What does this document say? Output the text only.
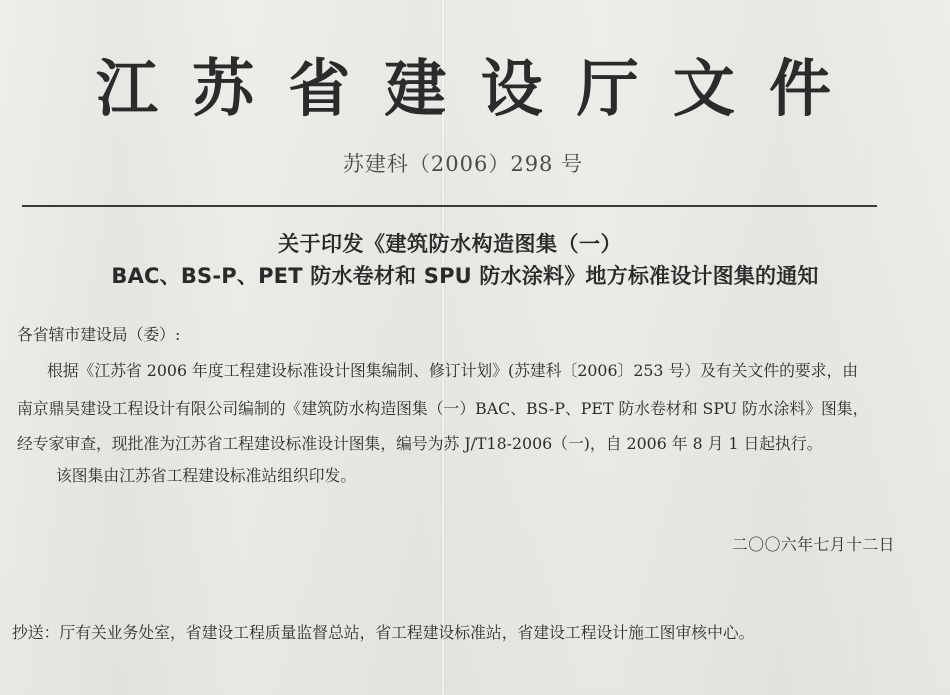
江 苏 省 建 设 厅 文 件
苏建科（2006）298 号
关于印发《建筑防水构造图集（一）
BAC、BS-P、PET 防水卷材和 SPU 防水涂料》地方标准设计图集的通知
各省辖市建设局（委）:
根据《江苏省 2006 年度工程建设标准设计图集编制、修订计划》(苏建科〔2006〕253 号）及有关文件的要求，由
南京鼎昊建设工程设计有限公司编制的《建筑防水构造图集（一）BAC、BS-P、PET 防水卷材和 SPU 防水涂料》图集，
经专家审查，现批准为江苏省工程建设标准设计图集，编号为苏 J/T18-2006（一)，自 2006 年 8 月 1 日起执行。
该图集由江苏省工程建设标准站组织印发。
二〇〇六年七月十二日
抄送：厅有关业务处室，省建设工程质量监督总站，省工程建设标准站，省建设工程设计施工图审核中心。
